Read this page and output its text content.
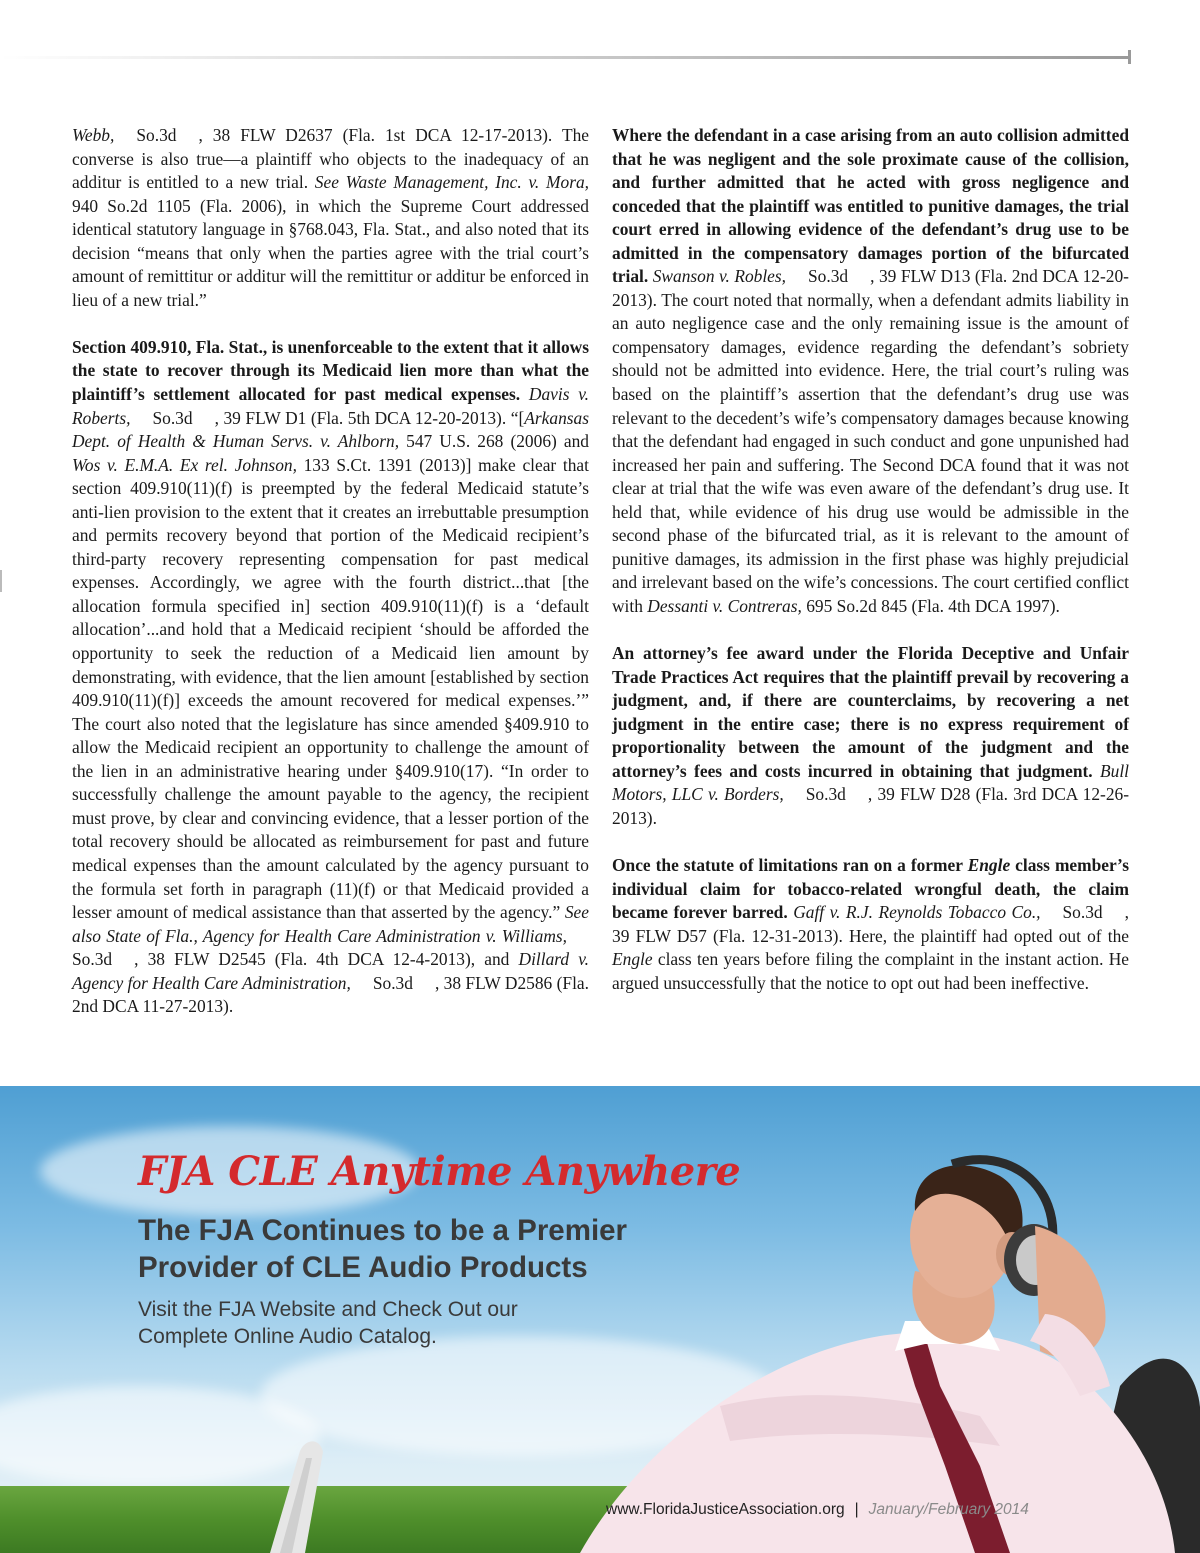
Webb, So.3d , 38 FLW D2637 (Fla. 1st DCA 12-17-2013). The converse is also true—a plaintiff who objects to the inadequacy of an additur is entitled to a new trial. See Waste Management, Inc. v. Mora, 940 So.2d 1105 (Fla. 2006), in which the Supreme Court addressed identical statutory language in §768.043, Fla. Stat., and also noted that its decision “means that only when the parties agree with the trial court’s amount of remittitur or additur will the remittitur or additur be enforced in lieu of a new trial.”

Section 409.910, Fla. Stat., is unenforceable to the extent that it allows the state to recover through its Medicaid lien more than what the plaintiff’s settlement allocated for past medical expenses. Davis v. Roberts, So.3d , 39 FLW D1 (Fla. 5th DCA 12-20-2013). “[Arkansas Dept. of Health & Human Servs. v. Ahlborn, 547 U.S. 268 (2006) and Wos v. E.M.A. Ex rel. Johnson, 133 S.Ct. 1391 (2013)] make clear that section 409.910(11)(f) is preempted by the federal Medicaid statute’s anti-lien provision to the extent that it creates an irrebuttable presumption and permits recovery beyond that portion of the Medicaid recipient’s third-party recovery representing compensation for past medical expenses. Accordingly, we agree with the fourth district...that [the allocation formula specified in] section 409.910(11)(f) is a ‘default allocation’...and hold that a Medicaid recipient ‘should be afforded the opportunity to seek the reduction of a Medicaid lien amount by demonstrating, with evidence, that the lien amount [established by section 409.910(11)(f)] exceeds the amount recovered for medical expenses.’” The court also noted that the legislature has since amended §409.910 to allow the Medicaid recipient an opportunity to challenge the amount of the lien in an administrative hearing under §409.910(17). “In order to successfully challenge the amount payable to the agency, the recipient must prove, by clear and convincing evidence, that a lesser portion of the total recovery should be allocated as reimbursement for past and future medical expenses than the amount calculated by the agency pursuant to the formula set forth in paragraph (11)(f) or that Medicaid provided a lesser amount of medical assistance than that asserted by the agency.” See also State of Fla., Agency for Health Care Administration v. Williams,So.3d , 38 FLW D2545 (Fla. 4th DCA 12-4-2013), and Dillard v. Agency for Health Care Administration, So.3d , 38 FLW D2586 (Fla. 2nd DCA 11-27-2013).

Where the defendant in a case arising from an auto collision admitted that he was negligent and the sole proximate cause of the collision, and further admitted that he acted with gross negligence and conceded that the plaintiff was entitled to punitive damages, the trial court erred in allowing evidence of the defendant’s drug use to be admitted in the compensatory damages portion of the bifurcated trial. Swanson v. Robles, So.3d , 39 FLW D13 (Fla. 2nd DCA 12-20-2013). The court noted that normally, when a defendant admits liability in an auto negligence case and the only remaining issue is the amount of compensatory damages, evidence regarding the defendant’s sobriety should not be admitted into evidence. Here, the trial court’s ruling was based on the plaintiff’s assertion that the defendant’s drug use was relevant to the decedent’s wife’s compensatory damages because knowing that the defendant had engaged in such conduct and gone unpunished had increased her pain and suffering. The Second DCA found that it was not clear at trial that the wife was even aware of the defendant’s drug use. It held that, while evidence of his drug use would be admissible in the second phase of the bifurcated trial, as it is relevant to the amount of punitive damages, its admission in the first phase was highly prejudicial and irrelevant based on the wife’s concessions. The court certified conflict with Dessanti v. Contreras, 695 So.2d 845 (Fla. 4th DCA 1997).

An attorney’s fee award under the Florida Deceptive and Unfair Trade Practices Act requires that the plaintiff prevail by recovering a judgment, and, if there are counterclaims, by recovering a net judgment in the entire case; there is no express requirement of proportionality between the amount of the judgment and the attorney’s fees and costs incurred in obtaining that judgment. Bull Motors, LLC v. Borders, So.3d , 39 FLW D28 (Fla. 3rd DCA 12-26-2013).

Once the statute of limitations ran on a former Engle class member’s individual claim for tobacco-related wrongful death, the claim became forever barred. Gaff v. R.J. Reynolds Tobacco Co., So.3d , 39 FLW D57 (Fla. 12-31-2013). Here, the plaintiff had opted out of the Engle class ten years before filing the complaint in the instant action. He argued unsuccessfully that the notice to opt out had been ineffective.

FJA CLE Anytime Anywhere
The FJA Continues to be a Premier
Provider of CLE Audio Products
Visit the FJA Website and Check Out our
Complete Online Audio Catalog.
www.FloridaJusticeAssociation.org | January/February 2014
